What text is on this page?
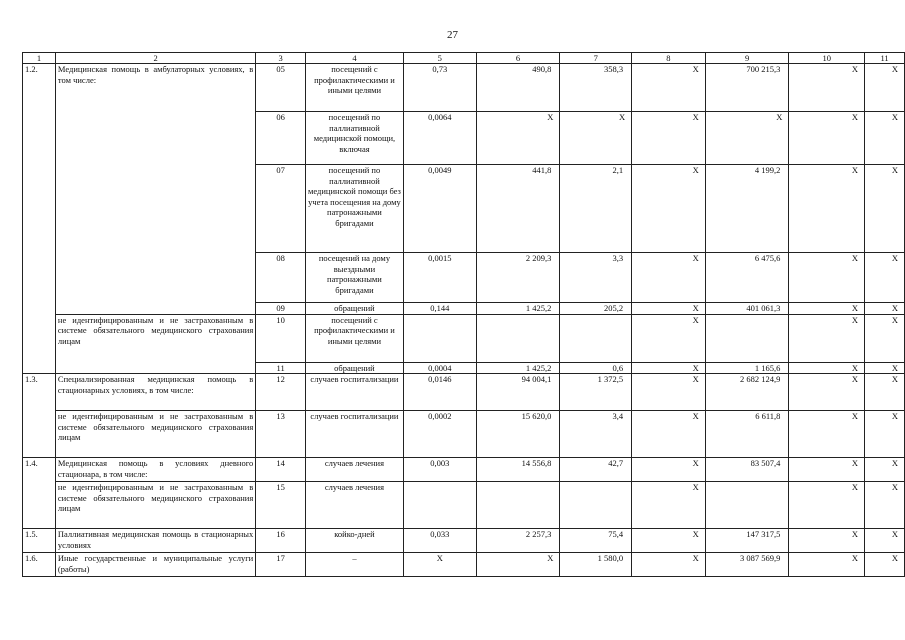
27
1	2	3	4	5	6	7	8	9	10	11
1.2.	Медицинская помощь в амбулаторных условиях, в том числе:	05	посещений с профилактическими и иными целями	0,73	490,8	358,3	X	700 215,3	X	X
		06	посещений по паллиативной медицинской помощи, включая	0,0064	X	X	X	X	X	X
		07	посещений по паллиативной медицинской помощи без учета посещения на дому патронажными бригадами	0,0049	441,8	2,1	X	4 199,2	X	X
		08	посещений на дому выездными патронажными бригадами	0,0015	2 209,3	3,3	X	6 475,6	X	X
		09	обращений	0,144	1 425,2	205,2	X	401 061,3	X	X
	не идентифицированным и не застрахованным в системе обязательного медицинского страхования лицам	10	посещений с профилактическими и иными целями				X		X	X
		11	обращений	0,0004	1 425,2	0,6	X	1 165,6	X	X
1.3.	Специализированная медицинская помощь в стационарных условиях, в том числе:	12	случаев госпитализации	0,0146	94 004,1	1 372,5	X	2 682 124,9	X	X
	не идентифицированным и не застрахованным в системе обязательного медицинского страхования лицам	13	случаев госпитализации	0,0002	15 620,0	3,4	X	6 611,8	X	X
1.4.	Медицинская помощь в условиях дневного стационара, в том числе:	14	случаев лечения	0,003	14 556,8	42,7	X	83 507,4	X	X
	не идентифицированным и не застрахованным в системе обязательного медицинского страхования лицам	15	случаев лечения				X		X	X
1.5.	Паллиативная медицинская помощь в стационарных условиях	16	койко-дней	0,033	2 257,3	75,4	X	147 317,5	X	X
1.6.	Иные государственные и муниципальные услуги (работы)	17	–	X	X	1 580,0	X	3 087 569,9	X	X
